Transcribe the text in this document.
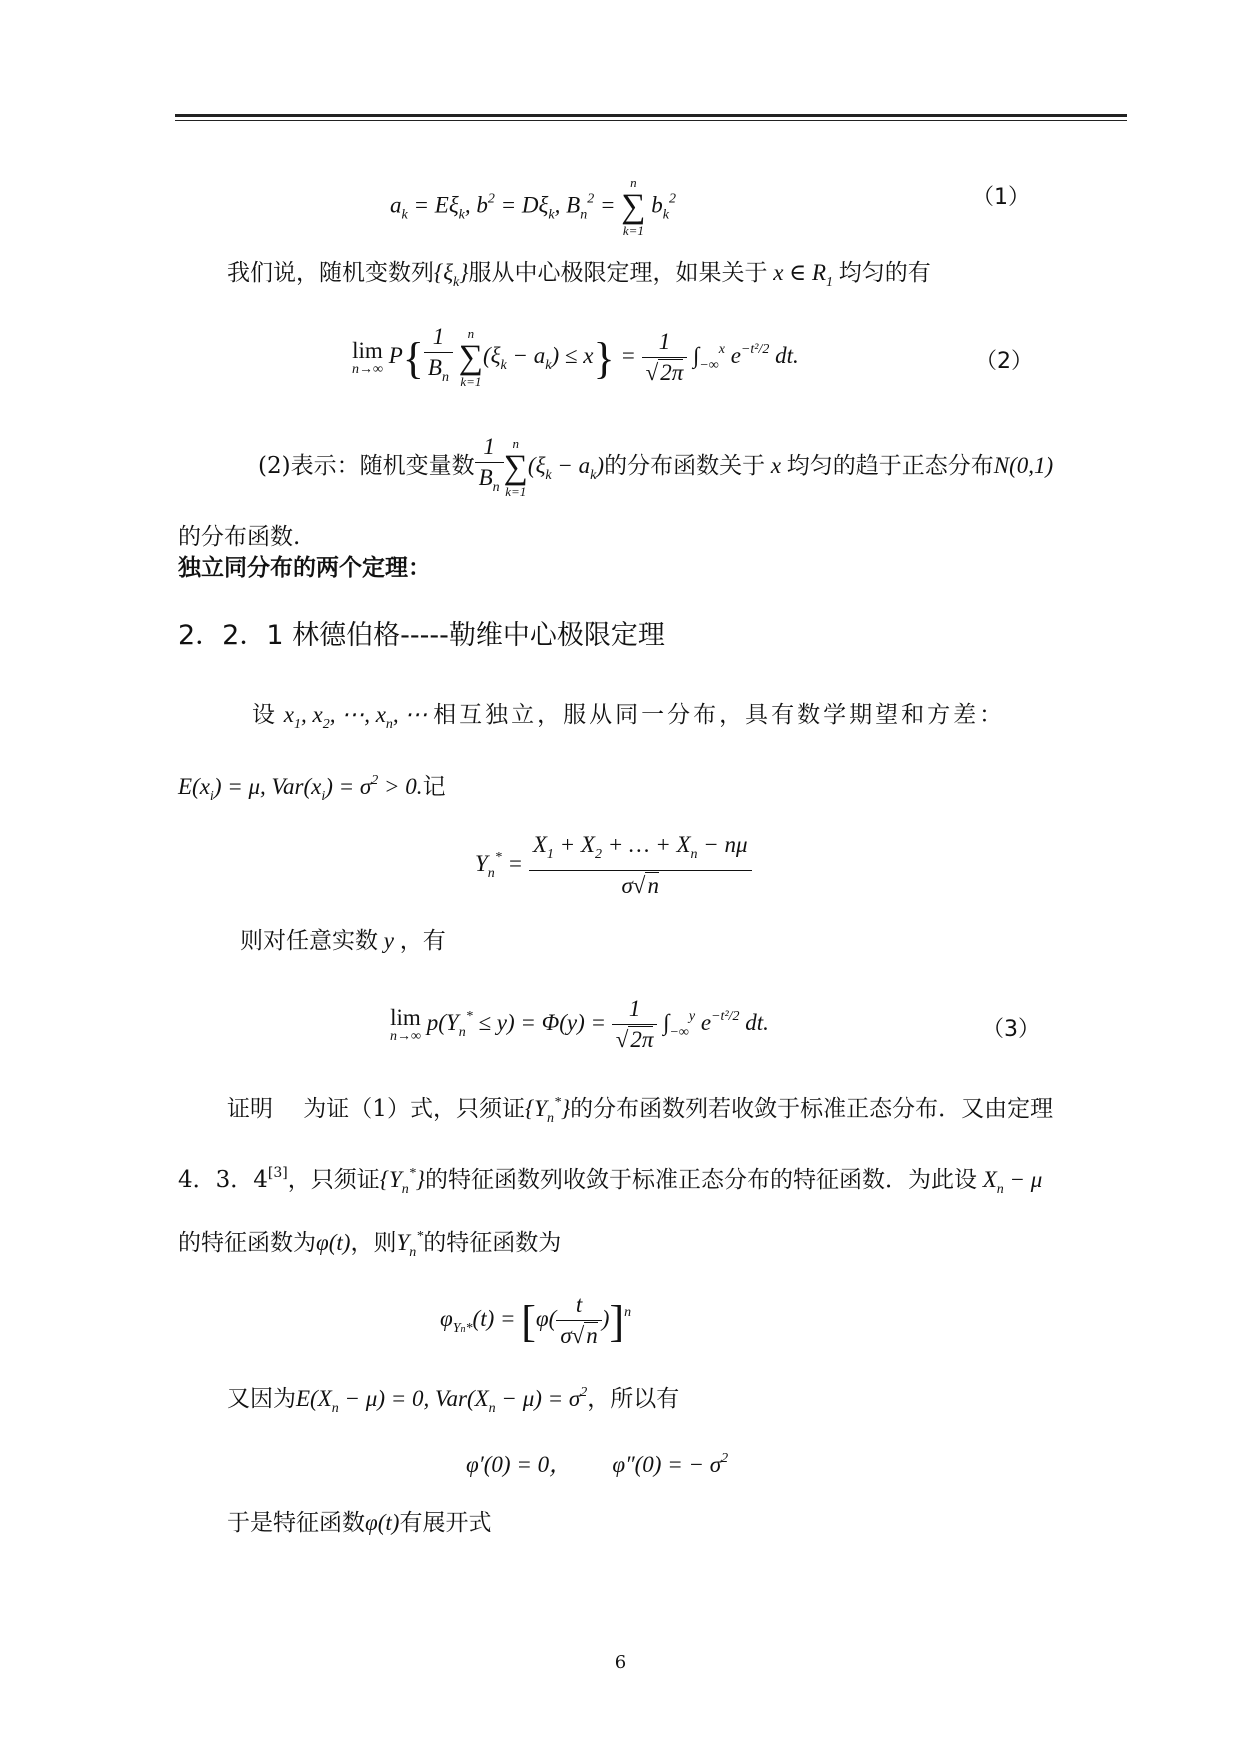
$a_k = E\xi_k$, $b^2 = D\xi_k$, $B_n^2$ =
n
∑
k=1
$b_k^2$	（1）
我们说，随机变数列$\{\xi_k\}$服从中心极限定理，如果关于 x ∈ $R_1$ 均匀的有
lim
n→∞
$P\{ \frac{1}{B_n}$
	n
∑
k=1
$(\xi_k - a_k) \le x\} = \frac{1}{√2\pi} \int_{-\infty}^x$ $e^{-t^2/2}$ dt.	（2）
(2)表示：随机变量数 $\frac{1}{B_n}$ n
∑
k=1
$(\xi_k - a_k)$的分布函数关于 x 均匀的趋于正态分布N(0,1)
的分布函数.
独立同分布的两个定理：
2．2．1 林德伯格-----勒维中心极限定理
设 $x_1$, $x_2$, ⋯, $x_n$, ⋯ 相互独立，服从同一分布，具有数学期望和方差：
$E(x_i) = \mu$, $Var(x_i) = \sigma^2 > 0$.记
$Y_n^* = \frac{X_1 + X_2 + \dots + X_n - n\mu}{\sigma√n}$
则对任意实数 y ，有
lim
n→∞
$p(Y_n^* \le y) = \Phi(y) = \frac{1}{√2\pi} \int_{-\infty}^y$ $e^{-t^2/2}$ dt.	（3）
证明　 为证（1）式，只须证$\{Y_n^*\}$的分布函数列若收敛于标准正态分布．又由定理
4．3．4[3]，只须证$\{Y_n^*\}$的特征函数列收敛于标准正态分布的特征函数．为此设 $X_n - \mu$
的特征函数为φ(t)，则$Y_n^*$的特征函数为
$\varphi_{Yn*}(t) = [\varphi( \frac{t}{\sigma√n} )]^n$
又因为$E(X_n - \mu) = 0$, $Var(X_n - \mu) = \sigma^2$，所以有
φ′(0) = 0，       φ″(0) = − $\sigma^2$
于是特征函数φ(t)有展开式
6
